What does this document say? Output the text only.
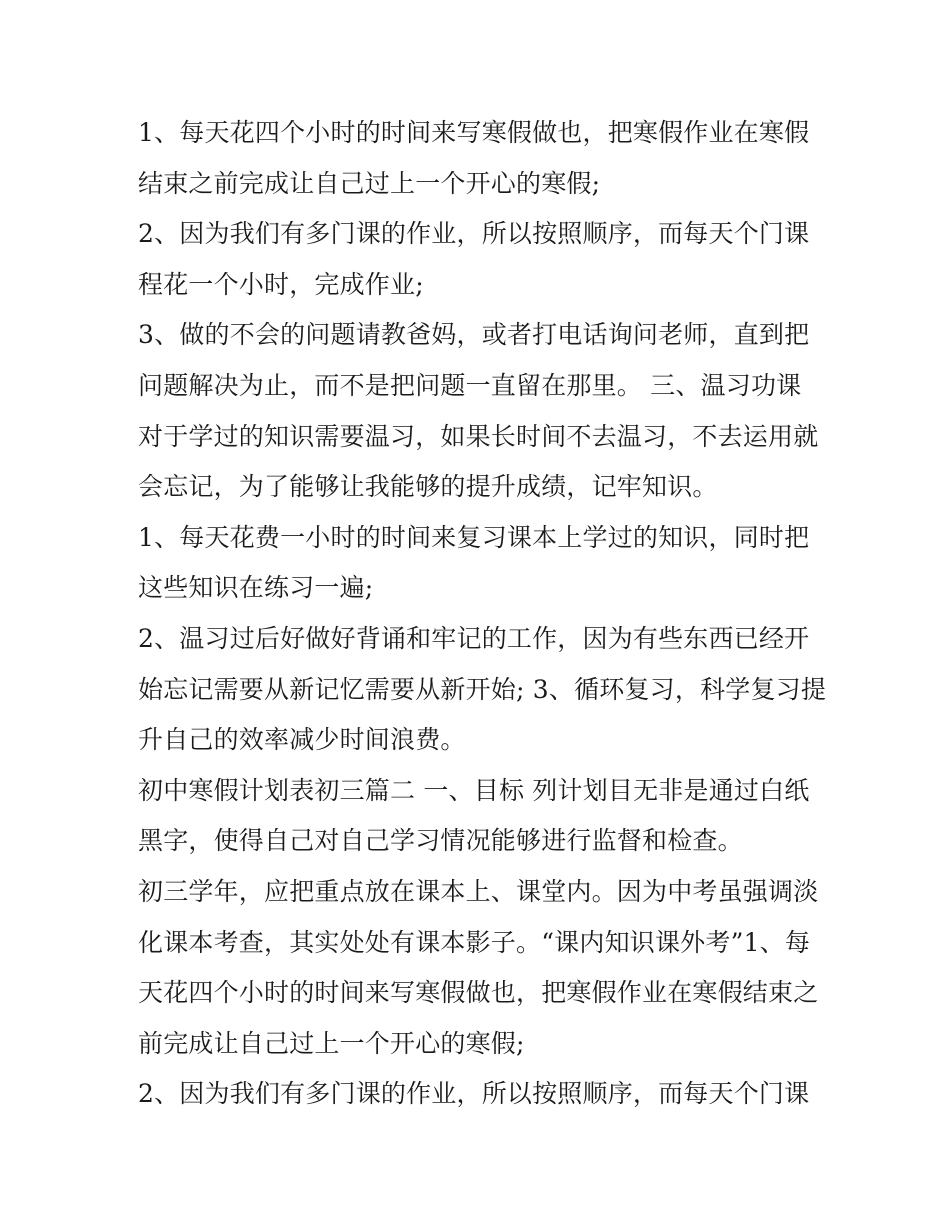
1、每天花四个小时的时间来写寒假做也，把寒假作业在寒假
结束之前完成让自己过上一个开心的寒假;
2、因为我们有多门课的作业，所以按照顺序，而每天个门课
程花一个小时，完成作业;
3、做的不会的问题请教爸妈，或者打电话询问老师，直到把
问题解决为止，而不是把问题一直留在那里。 三、温习功课
对于学过的知识需要温习，如果长时间不去温习，不去运用就
会忘记，为了能够让我能够的提升成绩，记牢知识。
1、每天花费一小时的时间来复习课本上学过的知识，同时把
这些知识在练习一遍;
2、温习过后好做好背诵和牢记的工作，因为有些东西已经开
始忘记需要从新记忆需要从新开始; 3、循环复习，科学复习提
升自己的效率减少时间浪费。
初中寒假计划表初三篇二 一、目标 列计划目无非是通过白纸
黑字，使得自己对自己学习情况能够进行监督和检查。
初三学年，应把重点放在课本上、课堂内。因为中考虽强调淡
化课本考查，其实处处有课本影子。“课内知识课外考”1、每
天花四个小时的时间来写寒假做也，把寒假作业在寒假结束之
前完成让自己过上一个开心的寒假;
2、因为我们有多门课的作业，所以按照顺序，而每天个门课
